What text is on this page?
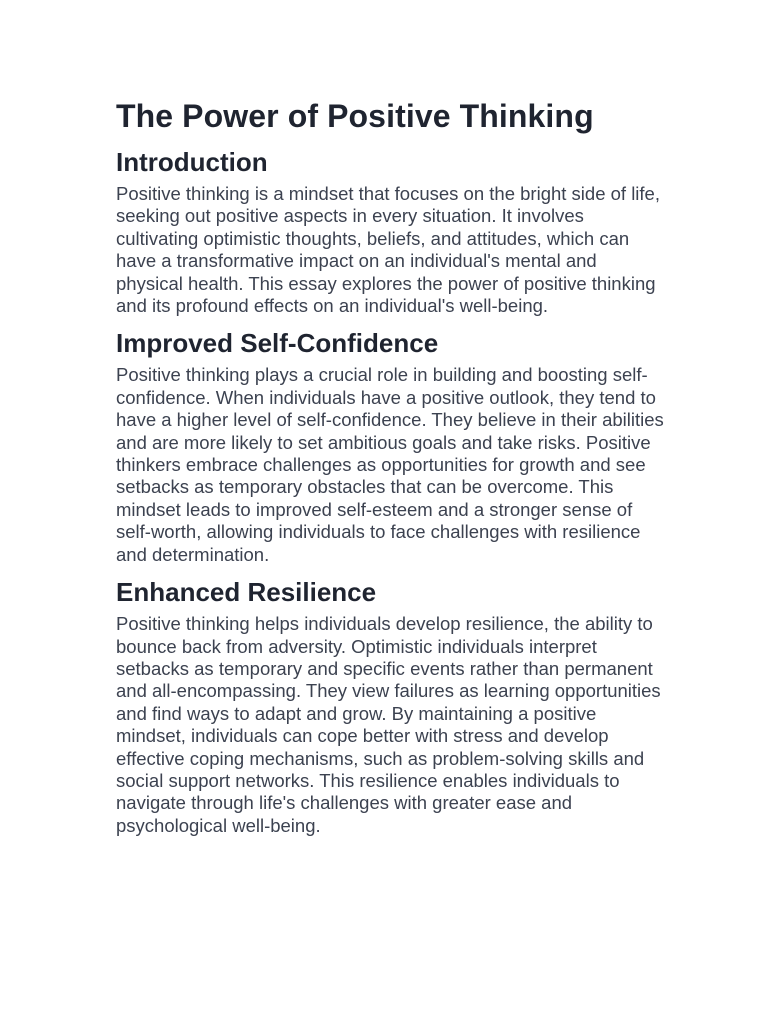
The Power of Positive Thinking
Introduction

Positive thinking is a mindset that focuses on the bright side of life, seeking out positive aspects in every situation. It involves cultivating optimistic thoughts, beliefs, and attitudes, which can have a transformative impact on an individual's mental and physical health. This essay explores the power of positive thinking and its profound effects on an individual's well-being.

Improved Self-Confidence

Positive thinking plays a crucial role in building and boosting self-confidence. When individuals have a positive outlook, they tend to have a higher level of self-confidence. They believe in their abilities and are more likely to set ambitious goals and take risks. Positive thinkers embrace challenges as opportunities for growth and see setbacks as temporary obstacles that can be overcome. This mindset leads to improved self-esteem and a stronger sense of self-worth, allowing individuals to face challenges with resilience and determination.

Enhanced Resilience

Positive thinking helps individuals develop resilience, the ability to bounce back from adversity. Optimistic individuals interpret setbacks as temporary and specific events rather than permanent and all-encompassing. They view failures as learning opportunities and find ways to adapt and grow. By maintaining a positive mindset, individuals can cope better with stress and develop effective coping mechanisms, such as problem-solving skills and social support networks. This resilience enables individuals to navigate through life's challenges with greater ease and psychological well-being.
